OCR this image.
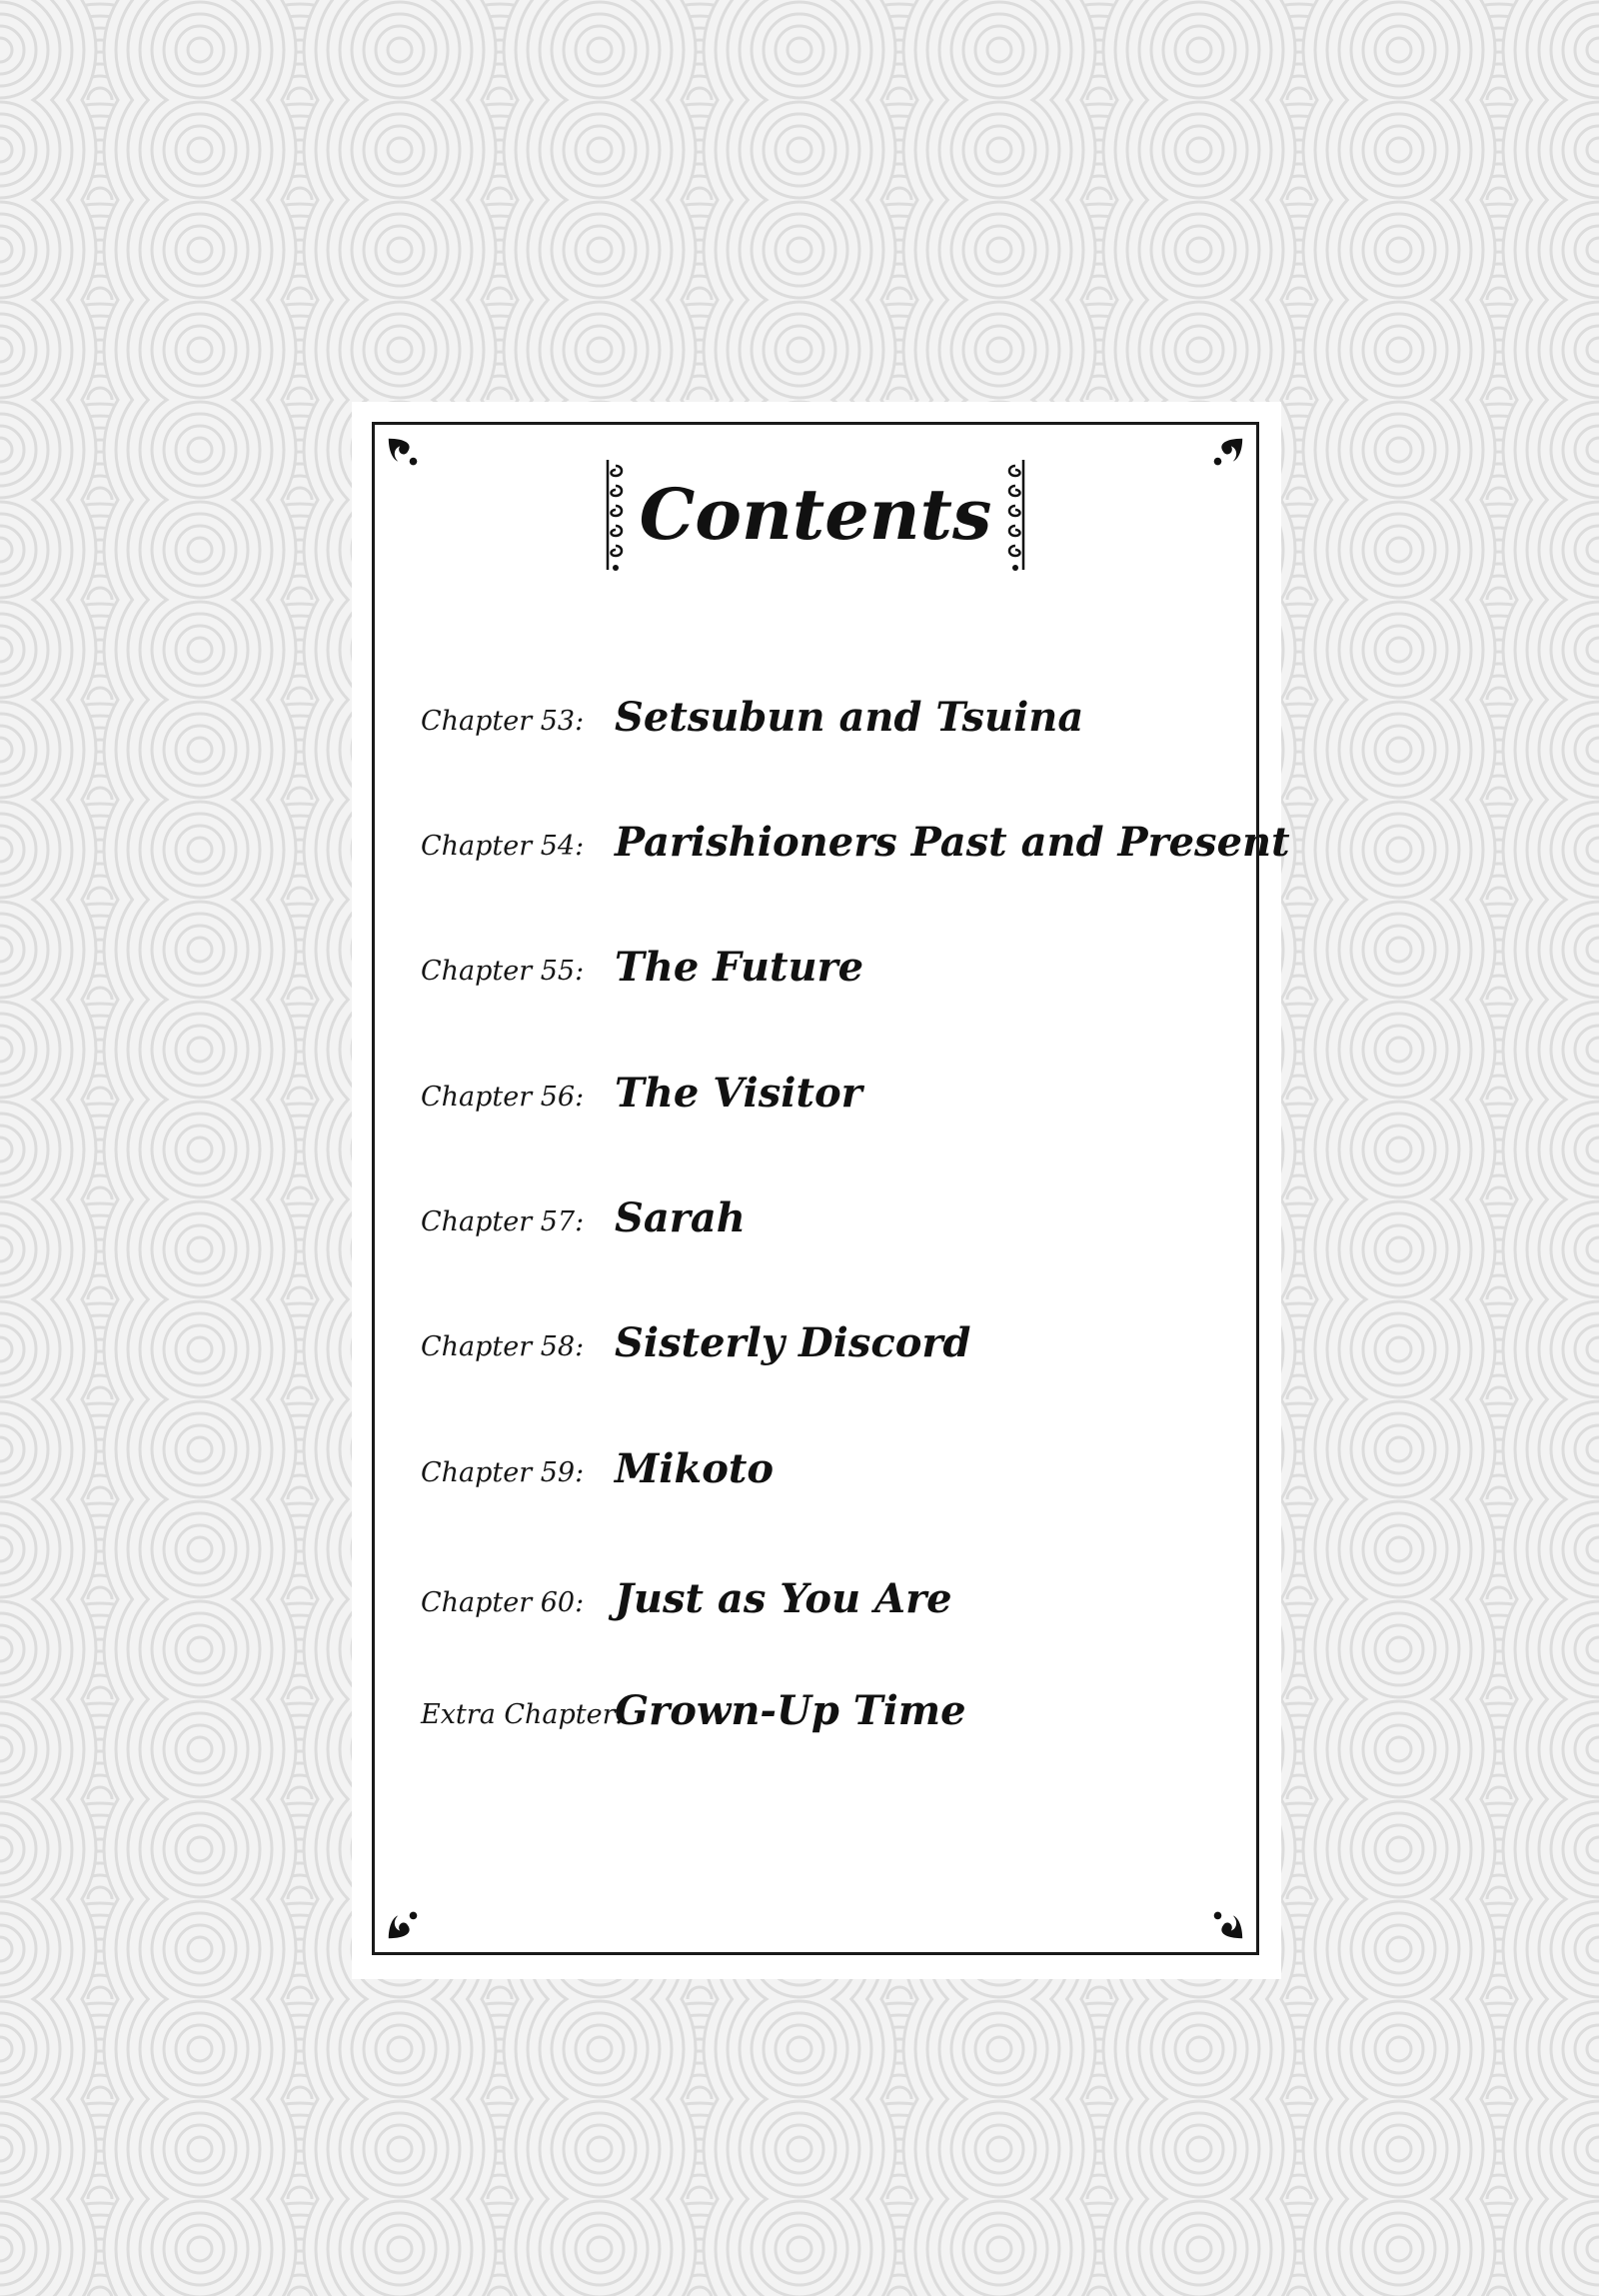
Contents
Chapter 53: Setsubun and Tsuina
Chapter 54: Parishioners Past and Present
Chapter 55: The Future
Chapter 56: The Visitor
Chapter 57: Sarah
Chapter 58: Sisterly Discord
Chapter 59: Mikoto
Chapter 60: Just as You Are
Extra Chapter:
Grown-Up Time
